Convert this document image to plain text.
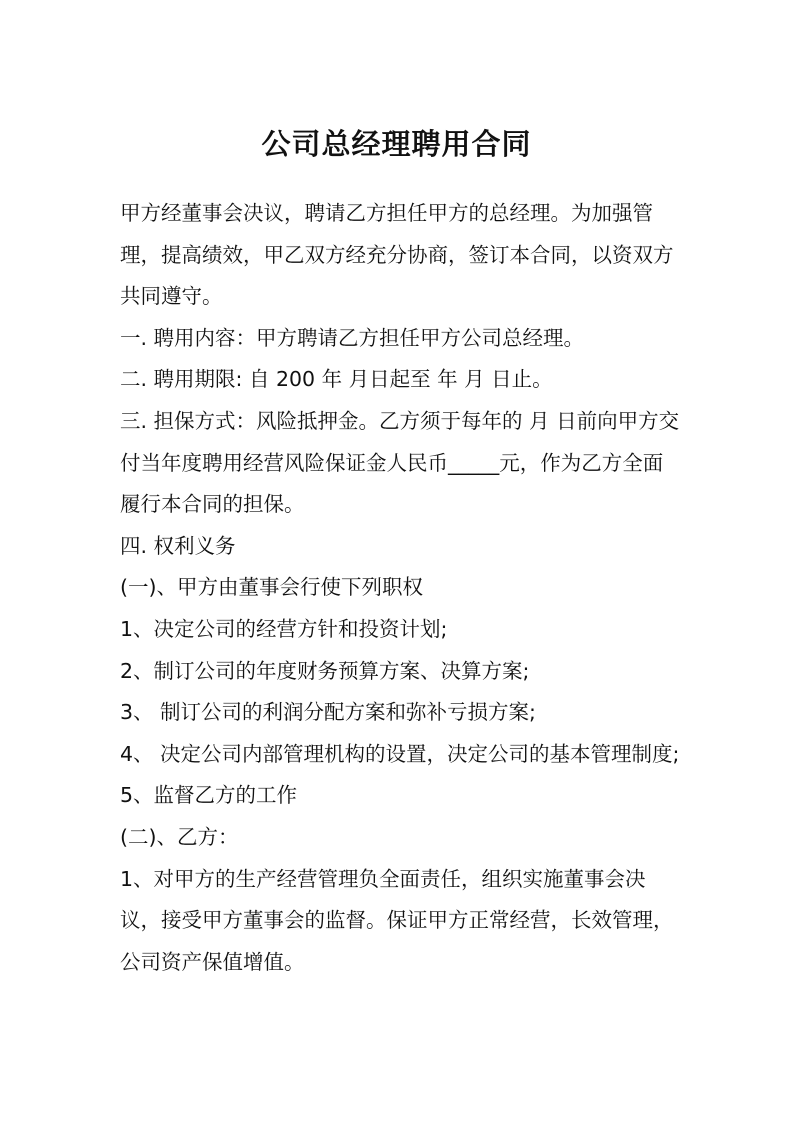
公司总经理聘用合同

甲方经董事会决议，聘请乙方担任甲方的总经理。为加强管理，提高绩效，甲乙双方经充分协商，签订本合同，以资双方共同遵守。

一. 聘用内容：甲方聘请乙方担任甲方公司总经理。

二. 聘用期限: 自 200 年 月日起至 年 月 日止。

三. 担保方式：风险抵押金。乙方须于每年的 月 日前向甲方交付当年度聘用经营风险保证金人民币_____元，作为乙方全面履行本合同的担保。

四. 权利义务

(一)、甲方由董事会行使下列职权

1、决定公司的经营方针和投资计划;

2、制订公司的年度财务预算方案、决算方案;

3、 制订公司的利润分配方案和弥补亏损方案;

4、 决定公司内部管理机构的设置，决定公司的基本管理制度;

5、监督乙方的工作

(二)、乙方：

1、对甲方的生产经营管理负全面责任，组织实施董事会决议，接受甲方董事会的监督。保证甲方正常经营，长效管理，公司资产保值增值。
